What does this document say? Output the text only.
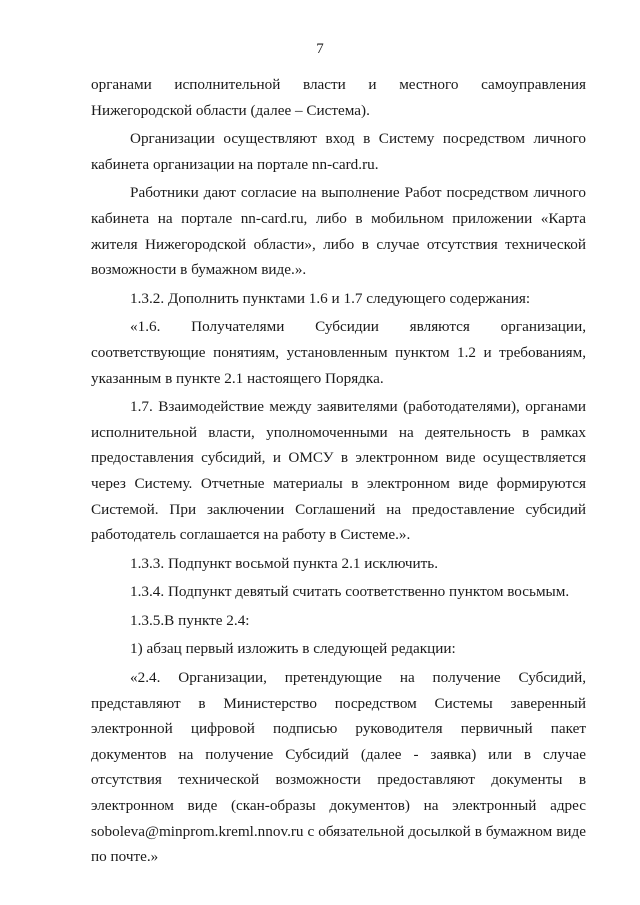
7

органами исполнительной власти и местного самоуправления Нижегородской области (далее – Система).

Организации осуществляют вход в Систему посредством личного кабинета организации на портале nn-card.ru.

Работники дают согласие на выполнение Работ посредством личного кабинета на портале nn-card.ru, либо в мобильном приложении «Карта жителя Нижегородской области», либо в случае отсутствия технической возможности в бумажном виде.».

1.3.2. Дополнить пунктами 1.6 и 1.7 следующего содержания:

«1.6. Получателями Субсидии являются организации, соответствующие понятиям, установленным пунктом 1.2 и требованиям, указанным в пункте 2.1 настоящего Порядка.

1.7. Взаимодействие между заявителями (работодателями), органами исполнительной власти, уполномоченными на деятельность в рамках предоставления субсидий, и ОМСУ в электронном виде осуществляется через Систему. Отчетные материалы в электронном виде формируются Системой. При заключении Соглашений на предоставление субсидий работодатель соглашается на работу в Системе.».

1.3.3. Подпункт восьмой пункта 2.1 исключить.

1.3.4. Подпункт девятый считать соответственно пунктом восьмым.

1.3.5.В пункте 2.4:

1) абзац первый изложить в следующей редакции:

«2.4. Организации, претендующие на получение Субсидий, представляют в Министерство посредством Системы заверенный электронной цифровой подписью руководителя первичный пакет документов на получение Субсидий (далее - заявка) или в случае отсутствия технической возможности предоставляют документы в электронном виде (скан-образы документов) на электронный адрес soboleva@minprom.kreml.nnov.ru с обязательной досылкой в бумажном виде по почте.»
